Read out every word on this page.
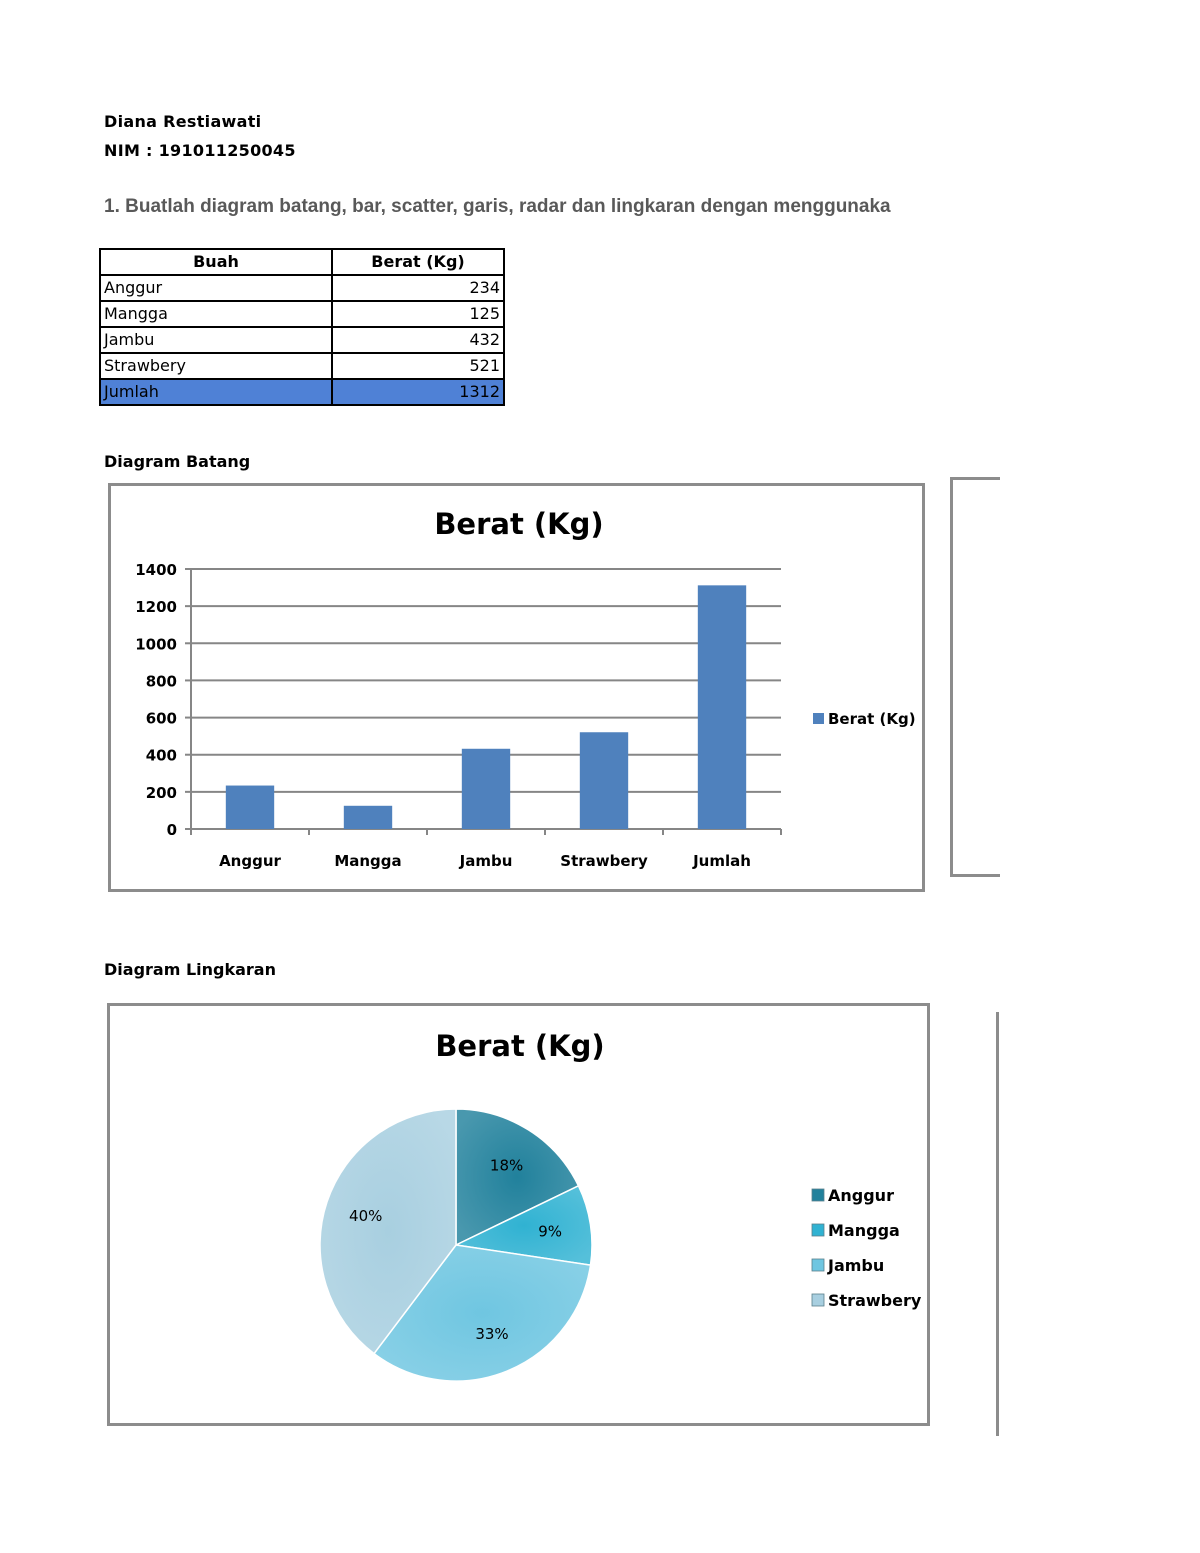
Diana Restiawati
NIM : 191011250045
1. Buatlah diagram batang, bar, scatter, garis, radar dan lingkaran dengan menggunaka
Buah	Berat (Kg)
Anggur	234
Mangga	125
Jambu	432
Strawbery	521
Jumlah	1312
Diagram Batang
Berat (Kg)
0
200
400
600
800
1000
1200
1400
Anggur	Mangga	Jambu	Strawbery	Jumlah
Berat (Kg)
Diagram Lingkaran
Berat (Kg)
18%
9%
33%
40%
Anggur
Mangga
Jambu
Strawbery
